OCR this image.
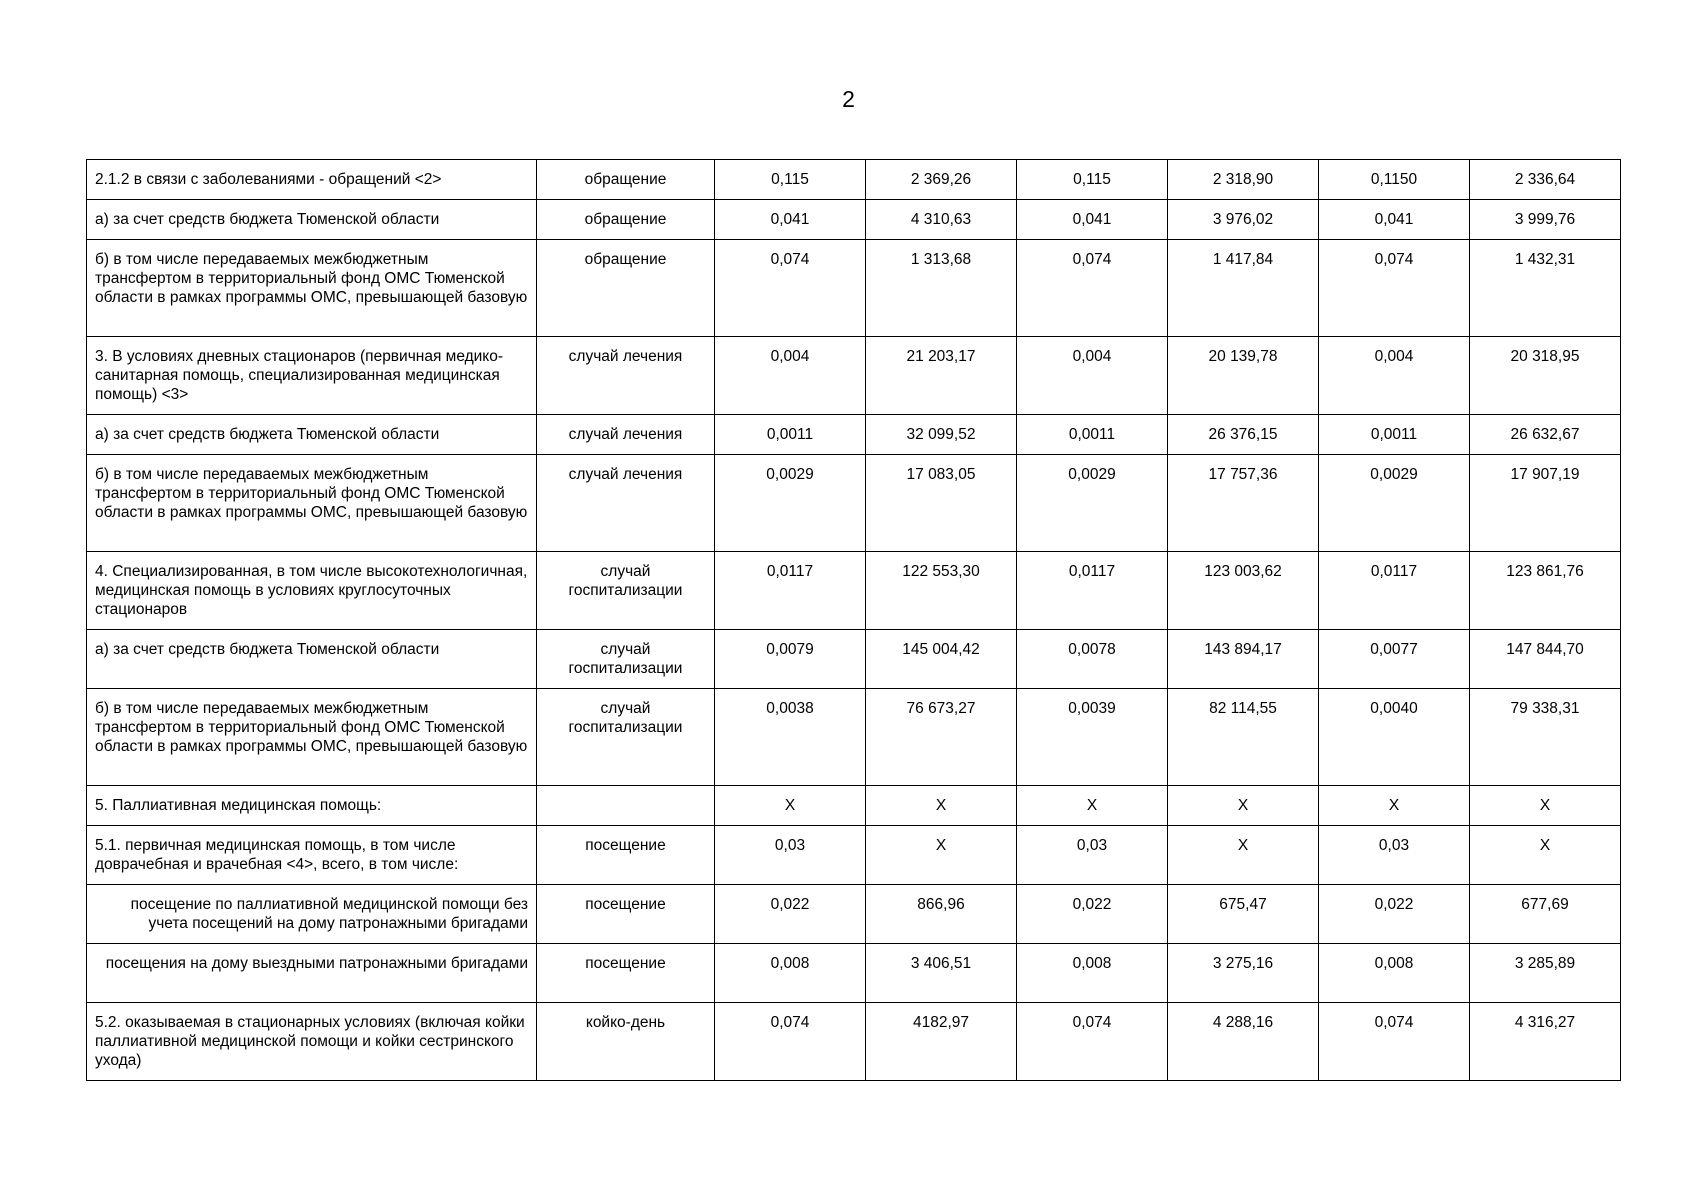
2
2.1.2 в связи с заболеваниями - обращений <2>	обращение	0,115	2 369,26	0,115	2 318,90	0,1150	2 336,64
а) за счет средств бюджета Тюменской области	обращение	0,041	4 310,63	0,041	3 976,02	0,041	3 999,76
б) в том числе передаваемых межбюджетным трансфертом в территориальный фонд ОМС Тюменской области в рамках программы ОМС, превышающей базовую	обращение	0,074	1 313,68	0,074	1 417,84	0,074	1 432,31
3. В условиях дневных стационаров (первичная медико-санитарная помощь, специализированная медицинская помощь) <3>	случай лечения	0,004	21 203,17	0,004	20 139,78	0,004	20 318,95
а) за счет средств бюджета Тюменской области	случай лечения	0,0011	32 099,52	0,0011	26 376,15	0,0011	26 632,67
б) в том числе передаваемых межбюджетным трансфертом в территориальный фонд ОМС Тюменской области в рамках программы ОМС, превышающей базовую	случай лечения	0,0029	17 083,05	0,0029	17 757,36	0,0029	17 907,19
4. Специализированная, в том числе высокотехнологичная, медицинская помощь в условиях круглосуточных стационаров	случай госпитализации	0,0117	122 553,30	0,0117	123 003,62	0,0117	123 861,76
а) за счет средств бюджета Тюменской области	случай госпитализации	0,0079	145 004,42	0,0078	143 894,17	0,0077	147 844,70
б) в том числе передаваемых межбюджетным трансфертом в территориальный фонд ОМС Тюменской области в рамках программы ОМС, превышающей базовую	случай госпитализации	0,0038	76 673,27	0,0039	82 114,55	0,0040	79 338,31
5. Паллиативная медицинская помощь:		X	X	X	X	X	X
5.1. первичная медицинская помощь, в том числе доврачебная и врачебная <4>, всего, в том числе:	посещение	0,03	X	0,03	X	0,03	X
посещение по паллиативной медицинской помощи без учета посещений на дому патронажными бригадами	посещение	0,022	866,96	0,022	675,47	0,022	677,69
посещения на дому выездными патронажными бригадами	посещение	0,008	3 406,51	0,008	3 275,16	0,008	3 285,89
5.2. оказываемая в стационарных условиях (включая койки паллиативной медицинской помощи и койки сестринского ухода)	койко-день	0,074	4182,97	0,074	4 288,16	0,074	4 316,27
